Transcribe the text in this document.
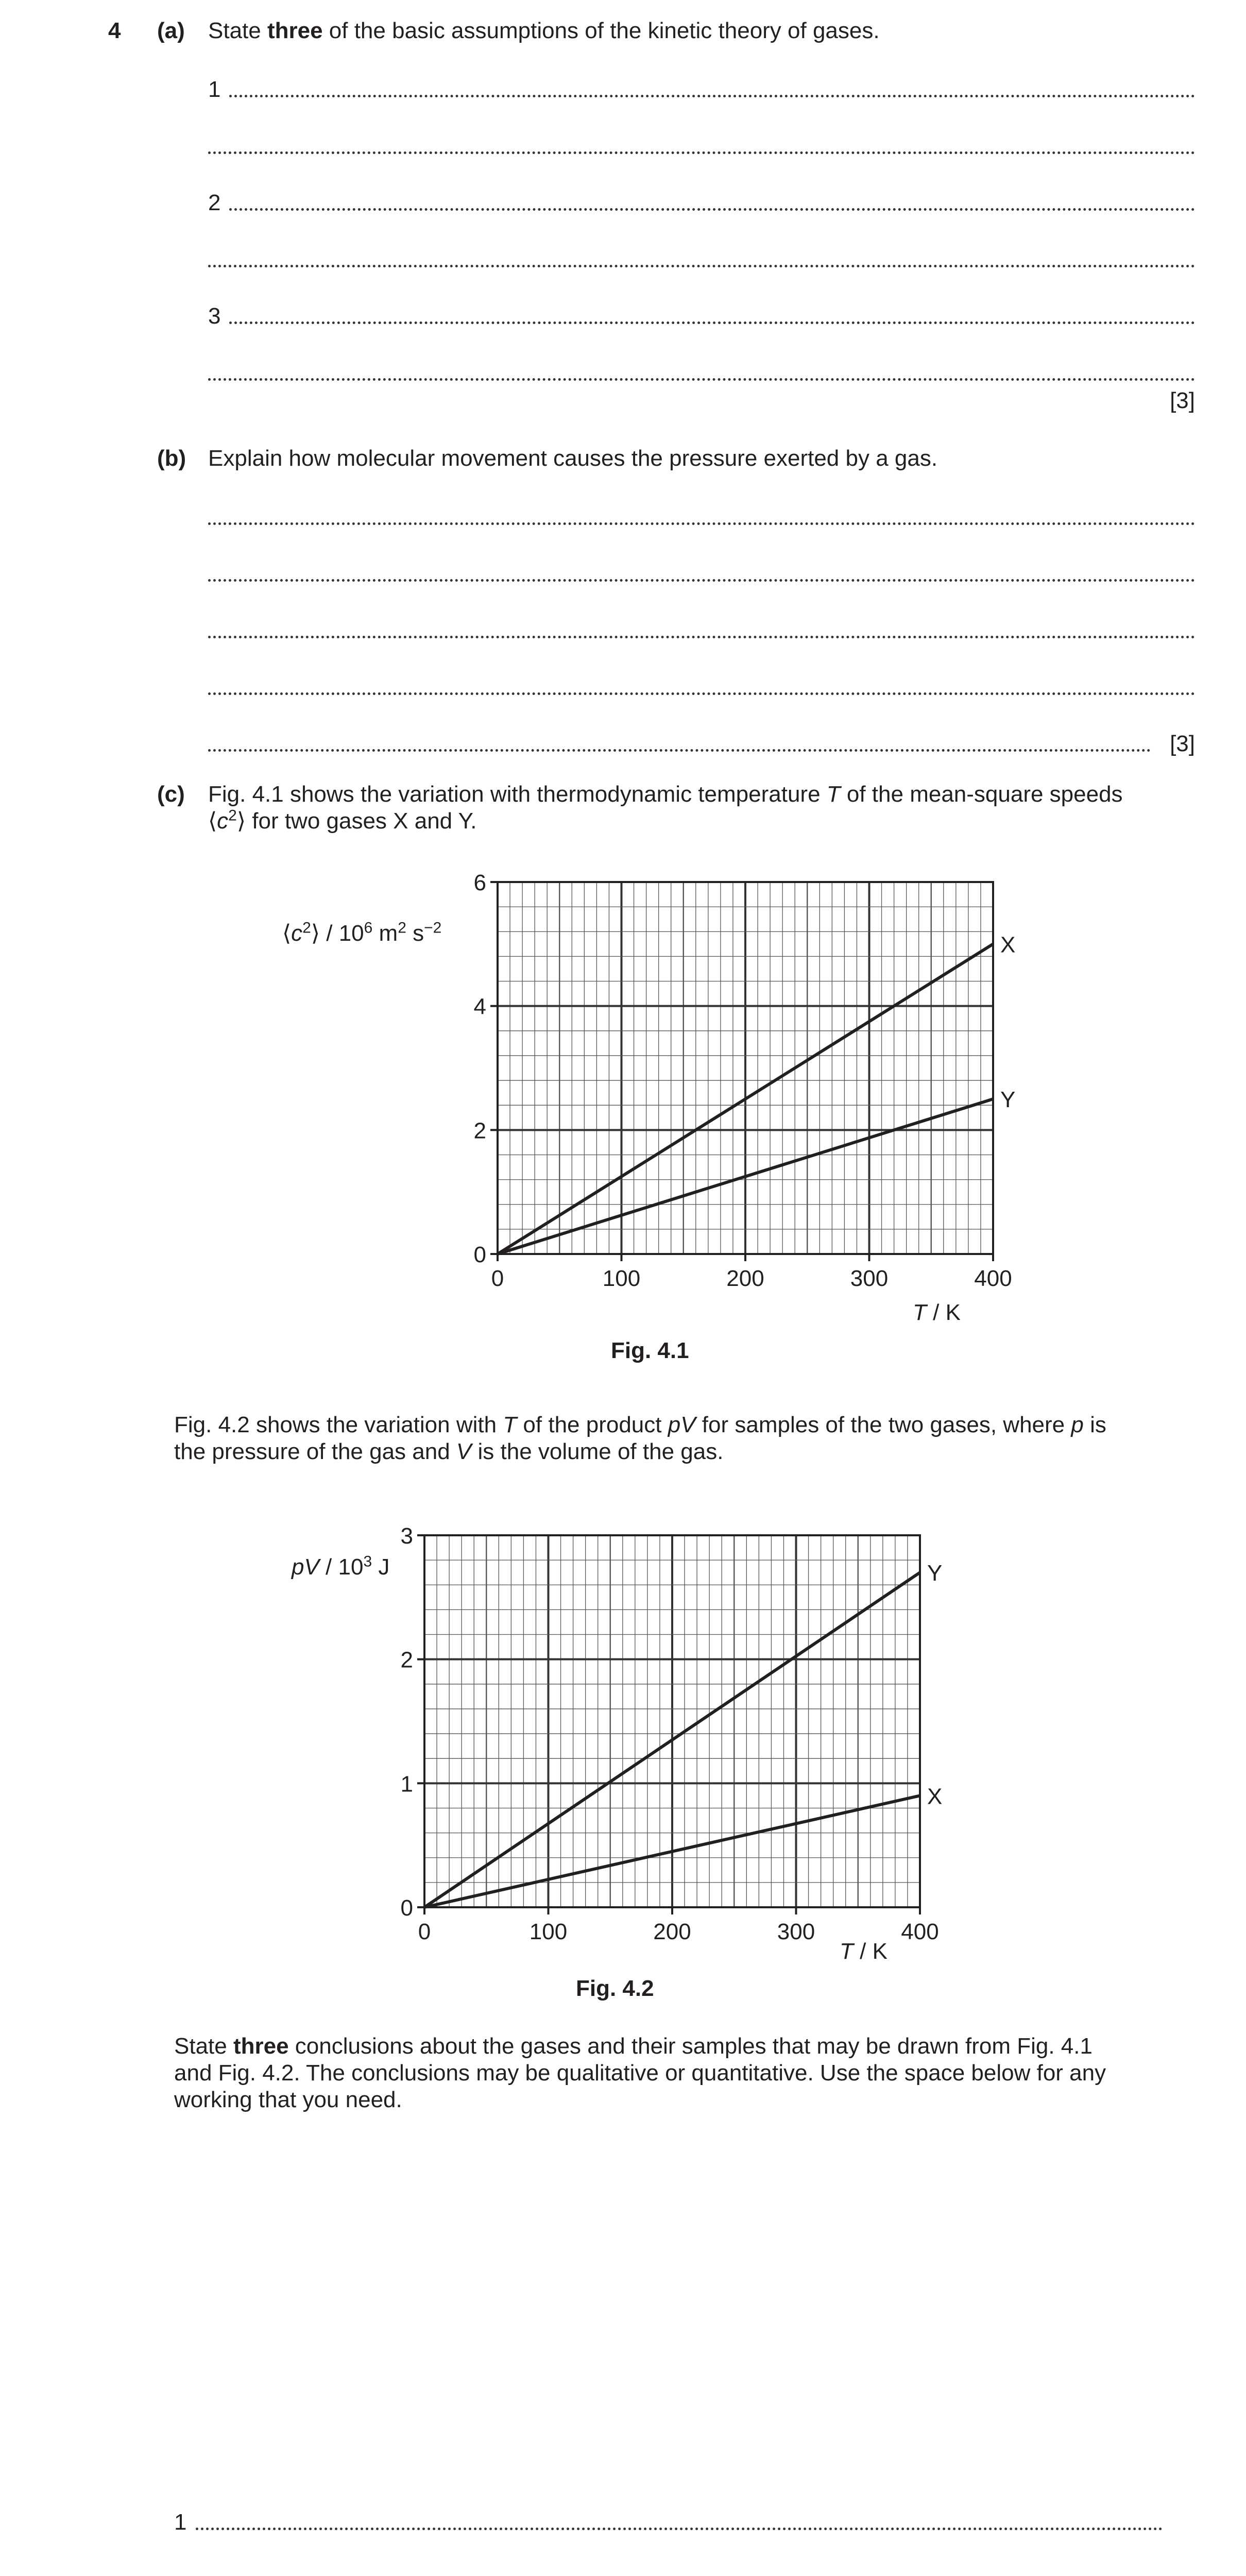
4 (a) State three of the basic assumptions of the kinetic theory of gases.
1
2
3
[3]
(b) Explain how molecular movement causes the pressure exerted by a gas.
[3]
(c) Fig. 4.1 shows the variation with thermodynamic temperature T of the mean-square speeds
$⟨c^2⟩$ for two gases X and Y.
0	100	200	300	400
0
2
4
6
X
Y
$⟨c^2⟩ / 10^6$ $m^2$ $s^{-2}$
T / K
Fig. 4.1
Fig. 4.2 shows the variation with T of the product pV for samples of the two gases, where p is
the pressure of the gas and V is the volume of the gas.
0	100	200	300	400
0
1
2
3
Y
X
pV / $10^3$ J
T / K
Fig. 4.2
State three conclusions about the gases and their samples that may be drawn from Fig. 4.1
and Fig. 4.2. The conclusions may be qualitative or quantitative. Use the space below for any
working that you need.
1
